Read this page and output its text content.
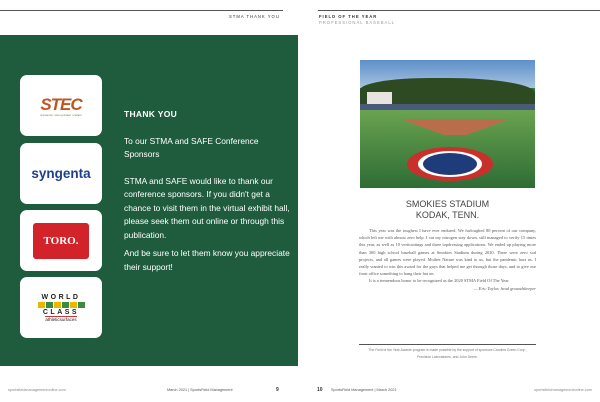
STMA THANK YOU	FIELD OF THE YEAR
PROFESSIONAL BASEBALL
STEC
SPECIALIZED TURF EQUIPMENT COMPANY
syngenta
TORO.
WORLD
CLASS
athleticsurfaces
THANK YOU
To our STMA and SAFE Conference Sponsors
STMA and SAFE would like to thank our conference sponsors. If you didn't get a chance to visit them in the virtual exhibit hall, please seek them out online or through this publication.
And be sure to let them know you appreciate their support!
SMOKIES STADIUM
KODAK, TENN.
This year was the toughest I have ever endured. We furloughed 80 percent of our company, which left me with almost zero help. I cut my nitrogen way down, still managed to verify 15 times this year, as well as 10 verticuttings and three topdressing applications. We ended up playing more than 300 high school baseball games at Smokies Stadium during 2020. There were zero sod projects, and all games were played. Mother Nature was kind to us, but the pandemic hurt us. I really wanted to win this award for the guys that helped me get through those days, and to give our front office something to hang their hat on.
It is a tremendous honor to be recognized as the 2020 STMA Field Of The Year.
— Eric Taylor, head groundskeeper
The Field of the Year Awards program is made possible by the support of sponsors Carolina Green Corp., Precision Laboratories, and John Deere.
sportsfieldmanagementonline.com	March 2021 | SportsField Management	9	10 SportsField Management | March 2021	sportsfieldmanagementonline.com
